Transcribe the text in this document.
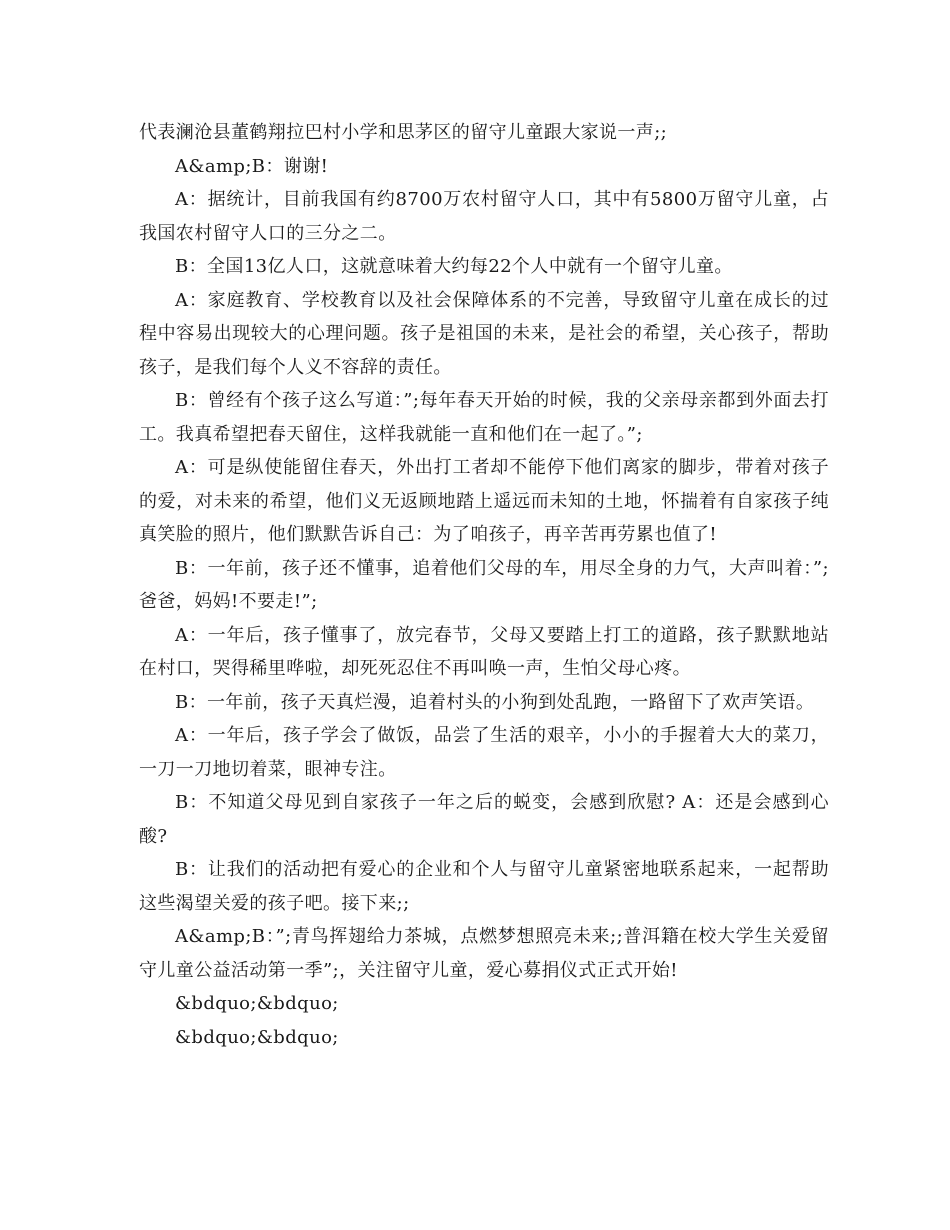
代表澜沧县董鹤翔拉巴村小学和思茅区的留守儿童跟大家说一声;;

A&amp;B：谢谢!

A：据统计，目前我国有约8700万农村留守人口，其中有5800万留守儿童，占我国农村留守人口的三分之二。

B：全国13亿人口，这就意味着大约每22个人中就有一个留守儿童。

A：家庭教育、学校教育以及社会保障体系的不完善，导致留守儿童在成长的过程中容易出现较大的心理问题。孩子是祖国的未来，是社会的希望，关心孩子，帮助孩子，是我们每个人义不容辞的责任。

B：曾经有个孩子这么写道：”;每年春天开始的时候，我的父亲母亲都到外面去打工。我真希望把春天留住，这样我就能一直和他们在一起了。”;

A：可是纵使能留住春天，外出打工者却不能停下他们离家的脚步，带着对孩子的爱，对未来的希望，他们义无返顾地踏上遥远而未知的土地，怀揣着有自家孩子纯真笑脸的照片，他们默默告诉自己：为了咱孩子，再辛苦再劳累也值了!

B：一年前，孩子还不懂事，追着他们父母的车，用尽全身的力气，大声叫着：”;爸爸，妈妈!不要走!”;

A：一年后，孩子懂事了，放完春节，父母又要踏上打工的道路，孩子默默地站在村口，哭得稀里哗啦，却死死忍住不再叫唤一声，生怕父母心疼。

B：一年前，孩子天真烂漫，追着村头的小狗到处乱跑，一路留下了欢声笑语。

A：一年后，孩子学会了做饭，品尝了生活的艰辛，小小的手握着大大的菜刀，一刀一刀地切着菜，眼神专注。

B：不知道父母见到自家孩子一年之后的蜕变，会感到欣慰? A：还是会感到心酸?

B：让我们的活动把有爱心的企业和个人与留守儿童紧密地联系起来，一起帮助这些渴望关爱的孩子吧。接下来;;

A&amp;B：”;青鸟挥翅给力茶城，点燃梦想照亮未来;;普洱籍在校大学生关爱留守儿童公益活动第一季”;，关注留守儿童，爱心募捐仪式正式开始!

&bdquo;&bdquo;

&bdquo;&bdquo;
